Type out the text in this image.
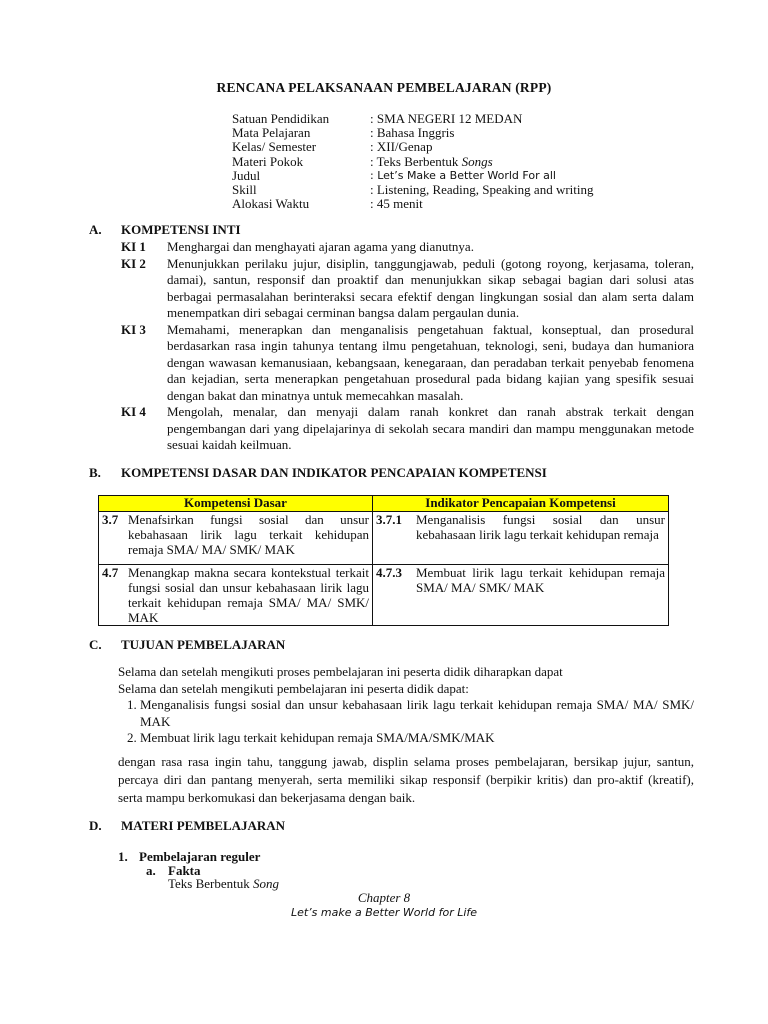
RENCANA PELAKSANAAN PEMBELAJARAN (RPP)
Satuan Pendidikan	: SMA NEGERI 12 MEDAN
Mata Pelajaran	: Bahasa Inggris
Kelas/ Semester	: XII/Genap
Materi Pokok	: Teks Berbentuk Songs
Judul	: Let’s Make a Better World For all
Skill	: Listening, Reading, Speaking and writing
Alokasi Waktu	: 45 menit
A.	KOMPETENSI INTI
KI 1	Menghargai dan menghayati ajaran agama yang dianutnya.
KI 2	Menunjukkan perilaku jujur, disiplin, tanggungjawab, peduli (gotong royong, kerjasama, toleran, damai), santun, responsif dan proaktif dan menunjukkan sikap sebagai bagian dari solusi atas berbagai permasalahan berinteraksi secara efektif dengan lingkungan sosial dan alam serta dalam menempatkan diri sebagai cerminan bangsa dalam pergaulan dunia.
KI 3	Memahami, menerapkan dan menganalisis pengetahuan faktual, konseptual, dan prosedural berdasarkan rasa ingin tahunya tentang ilmu pengetahuan, teknologi, seni, budaya dan humaniora dengan wawasan kemanusiaan, kebangsaan, kenegaraan, dan peradaban terkait penyebab fenomena dan kejadian, serta menerapkan pengetahuan prosedural pada bidang kajian yang spesifik sesuai dengan bakat dan minatnya untuk memecahkan masalah.
KI 4	Mengolah, menalar, dan menyaji dalam ranah konkret dan ranah abstrak terkait dengan pengembangan dari yang dipelajarinya di sekolah secara mandiri dan mampu menggunakan metode sesuai kaidah keilmuan.
B.	KOMPETENSI DASAR DAN INDIKATOR PENCAPAIAN KOMPETENSI
Kompetensi Dasar	Indikator Pencapaian Kompetensi

3.7 Menafsirkan fungsi sosial dan unsur kebahasaan lirik lagu terkait kehidupan remaja SMA/ MA/ SMK/ MAK	3.7.1 Menganalisis fungsi sosial dan unsur kebahasaan lirik lagu terkait kehidupan remaja

4.7 Menangkap makna secara kontekstual terkait fungsi sosial dan unsur kebahasaan lirik lagu terkait kehidupan remaja SMA/ MA/ SMK/ MAK	4.7.3 Membuat lirik lagu terkait kehidupan remaja SMA/ MA/ SMK/ MAK
C.	TUJUAN PEMBELAJARAN

Selama dan setelah mengikuti proses pembelajaran ini peserta didik diharapkan dapat

Selama dan setelah mengikuti pembelajaran ini peserta didik dapat:

1. Menganalisis fungsi sosial dan unsur kebahasaan lirik lagu terkait kehidupan remaja SMA/ MA/ SMK/ MAK
2. Membuat lirik lagu terkait kehidupan remaja SMA/MA/SMK/MAK

dengan rasa rasa ingin tahu, tanggung jawab, displin selama proses pembelajaran, bersikap jujur, santun, percaya diri dan pantang menyerah, serta memiliki sikap responsif (berpikir kritis) dan pro-aktif (kreatif), serta mampu berkomukasi dan bekerjasama dengan baik.

D.	MATERI PEMBELAJARAN
1. Pembelajaran reguler
a. Fakta
Teks Berbentuk Song
Chapter 8
Let’s make a Better World for Life
